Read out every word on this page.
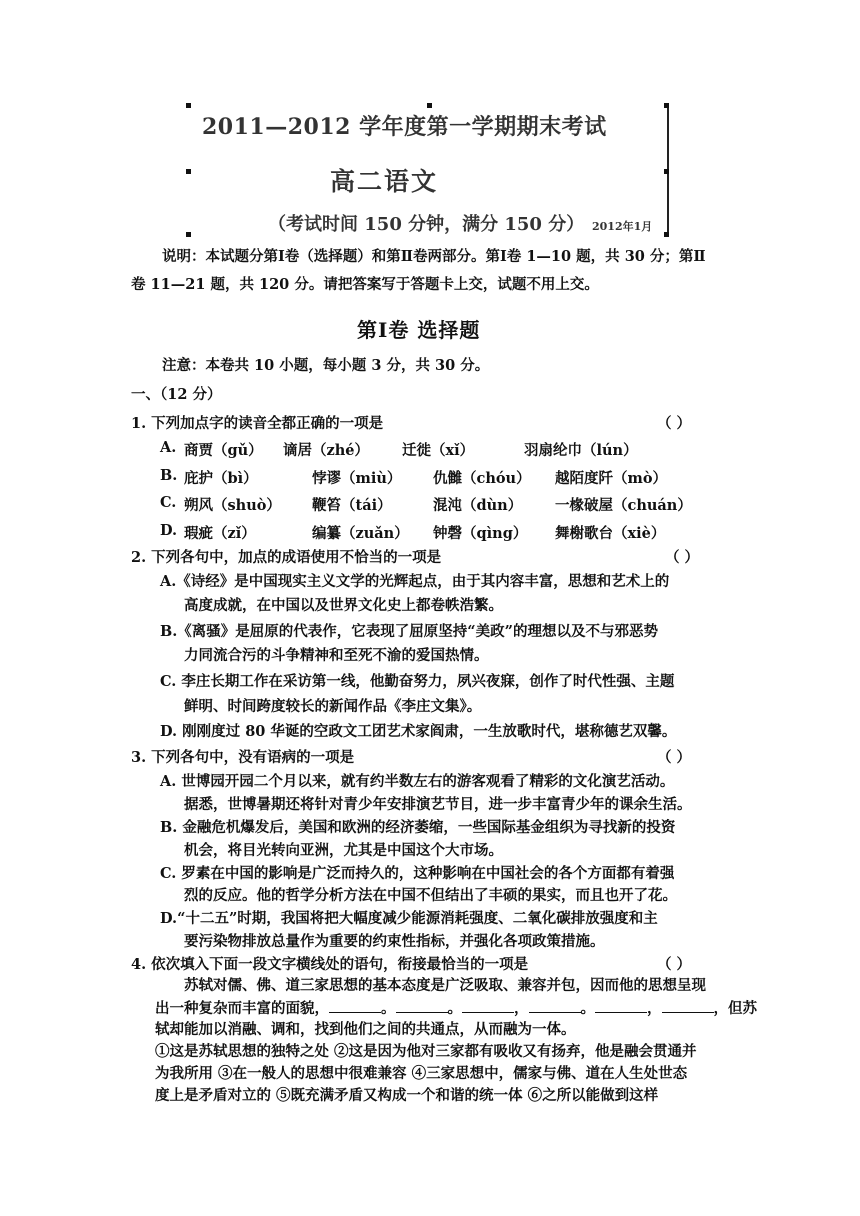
2011—2012 学年度第一学期期末考试
高二语文
（考试时间 150 分钟，满分 150 分） 2012年1月
说明：本试题分第Ⅰ卷（选择题）和第Ⅱ卷两部分。第Ⅰ卷 1—10 题，共 30 分；第Ⅱ
卷 11—21 题，共 120 分。请把答案写于答题卡上交，试题不用上交。
第Ⅰ卷 选择题
注意：本卷共 10 小题，每小题 3 分，共 30 分。
一、（12 分）
1. 下列加点字的读音全都正确的一项是	（ ）
A. 商贾（gǔ） 谪居（zhé） 迁徙（xǐ）	羽扇纶巾（lún）
B. 庇护（bì）	悖谬（miù） 仇雠（chóu） 越陌度阡（mò）
C. 朔风（shuò） 鞭笞（tái）	混沌（dùn） 一椽破屋（chuán）
D. 瑕疵（zǐ）	编纂（zuǎn） 钟磬（qìng） 舞榭歌台（xiè）
2. 下列各句中，加点的成语使用不恰当的一项是	（ ）
A.《诗经》是中国现实主义文学的光辉起点，由于其内容丰富，思想和艺术上的
高度成就，在中国以及世界文化史上都卷帙浩繁。
B.《离骚》是屈原的代表作，它表现了屈原坚持“美政”的理想以及不与邪恶势
力同流合污的斗争精神和至死不渝的爱国热情。
C. 李庄长期工作在采访第一线，他勤奋努力，夙兴夜寐，创作了时代性强、主题
鲜明、时间跨度较长的新闻作品《李庄文集》。
D. 刚刚度过 80 华诞的空政文工团艺术家阎肃，一生放歌时代，堪称德艺双馨。
3. 下列各句中，没有语病的一项是	（ ）
A. 世博园开园二个月以来，就有约半数左右的游客观看了精彩的文化演艺活动。
据悉，世博暑期还将针对青少年安排演艺节目，进一步丰富青少年的课余生活。
B. 金融危机爆发后，美国和欧洲的经济萎缩，一些国际基金组织为寻找新的投资
机会，将目光转向亚洲，尤其是中国这个大市场。
C. 罗素在中国的影响是广泛而持久的，这种影响在中国社会的各个方面都有着强
烈的反应。他的哲学分析方法在中国不但结出了丰硕的果实，而且也开了花。
D.“十二五”时期，我国将把大幅度减少能源消耗强度、二氧化碳排放强度和主
要污染物排放总量作为重要的约束性指标，并强化各项政策措施。
4. 依次填入下面一段文字横线处的语句，衔接最恰当的一项是	（ ）
苏轼对儒、佛、道三家思想的基本态度是广泛吸取、兼容并包，因而他的思想呈现
出一种复杂而丰富的面貌，	。	。	，	。	，	，但苏
轼却能加以消融、调和，找到他们之间的共通点，从而融为一体。
①这是苏轼思想的独特之处 ②这是因为他对三家都有吸收又有扬弃，他是融会贯通并
为我所用 ③在一般人的思想中很难兼容 ④三家思想中，儒家与佛、道在人生处世态
度上是矛盾对立的 ⑤既充满矛盾又构成一个和谐的统一体 ⑥之所以能做到这样
